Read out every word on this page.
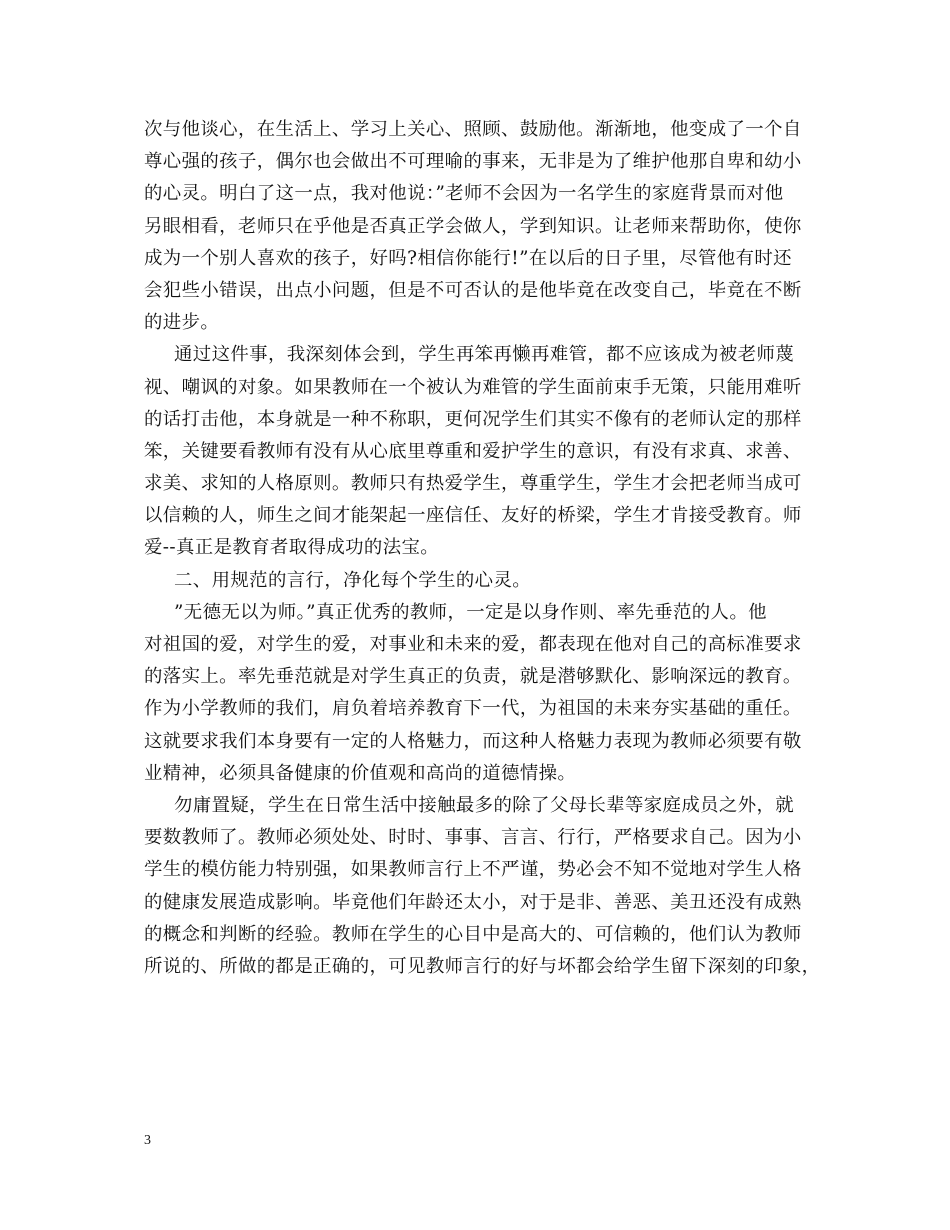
次与他谈心，在生活上、学习上关心、照顾、鼓励他。渐渐地，他变成了一个自
尊心强的孩子，偶尔也会做出不可理喻的事来，无非是为了维护他那自卑和幼小
的心灵。明白了这一点，我对他说：”老师不会因为一名学生的家庭背景而对他
另眼相看，老师只在乎他是否真正学会做人，学到知识。让老师来帮助你，使你
成为一个别人喜欢的孩子，好吗?相信你能行!”在以后的日子里，尽管他有时还
会犯些小错误，出点小问题，但是不可否认的是他毕竟在改变自己，毕竟在不断
的进步。
通过这件事，我深刻体会到，学生再笨再懒再难管，都不应该成为被老师蔑
视、嘲讽的对象。如果教师在一个被认为难管的学生面前束手无策，只能用难听
的话打击他，本身就是一种不称职，更何况学生们其实不像有的老师认定的那样
笨，关键要看教师有没有从心底里尊重和爱护学生的意识，有没有求真、求善、
求美、求知的人格原则。教师只有热爱学生，尊重学生，学生才会把老师当成可
以信赖的人，师生之间才能架起一座信任、友好的桥梁，学生才肯接受教育。师
爱--真正是教育者取得成功的法宝。
二、用规范的言行，净化每个学生的心灵。
”无德无以为师。”真正优秀的教师，一定是以身作则、率先垂范的人。他
对祖国的爱，对学生的爱，对事业和未来的爱，都表现在他对自己的高标准要求
的落实上。率先垂范就是对学生真正的负责，就是潜够默化、影响深远的教育。
作为小学教师的我们，肩负着培养教育下一代，为祖国的未来夯实基础的重任。
这就要求我们本身要有一定的人格魅力，而这种人格魅力表现为教师必须要有敬
业精神，必须具备健康的价值观和高尚的道德情操。
勿庸置疑，学生在日常生活中接触最多的除了父母长辈等家庭成员之外，就
要数教师了。教师必须处处、时时、事事、言言、行行，严格要求自己。因为小
学生的模仿能力特别强，如果教师言行上不严谨，势必会不知不觉地对学生人格
的健康发展造成影响。毕竟他们年龄还太小，对于是非、善恶、美丑还没有成熟
的概念和判断的经验。教师在学生的心目中是高大的、可信赖的，他们认为教师
所说的、所做的都是正确的，可见教师言行的好与坏都会给学生留下深刻的印象，
3
